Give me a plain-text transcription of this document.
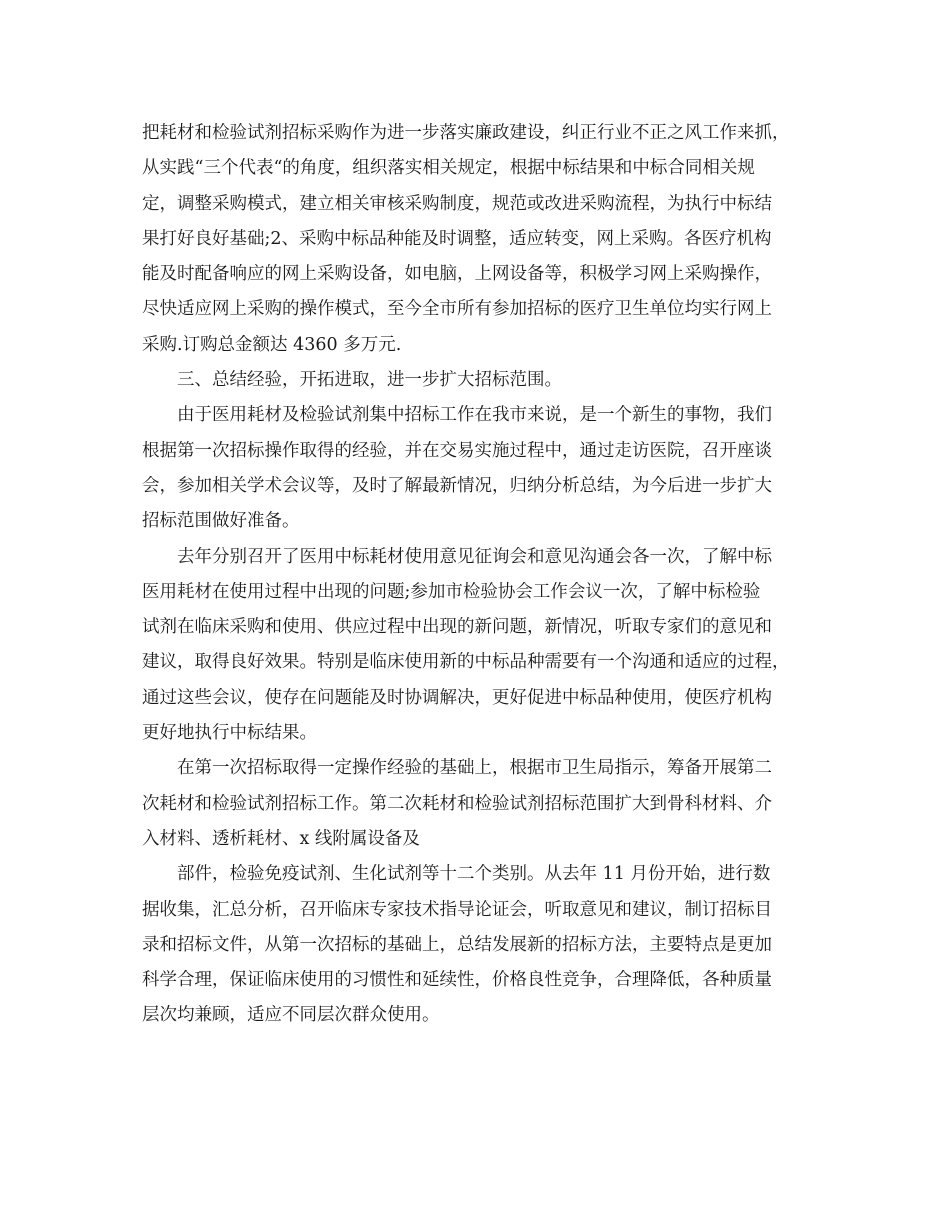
把耗材和检验试剂招标采购作为进一步落实廉政建设，纠正行业不正之风工作来抓，
从实践“三个代表“的角度，组织落实相关规定，根据中标结果和中标合同相关规
定，调整采购模式，建立相关审核采购制度，规范或改进采购流程，为执行中标结
果打好良好基础;2、采购中标品种能及时调整，适应转变，网上采购。各医疗机构
能及时配备响应的网上采购设备，如电脑，上网设备等，积极学习网上采购操作，
尽快适应网上采购的操作模式，至今全市所有参加招标的医疗卫生单位均实行网上
采购.订购总金额达 4360 多万元.
三、总结经验，开拓进取，进一步扩大招标范围。
由于医用耗材及检验试剂集中招标工作在我市来说，是一个新生的事物，我们
根据第一次招标操作取得的经验，并在交易实施过程中，通过走访医院，召开座谈
会，参加相关学术会议等，及时了解最新情况，归纳分析总结，为今后进一步扩大
招标范围做好准备。
去年分别召开了医用中标耗材使用意见征询会和意见沟通会各一次，了解中标
医用耗材在使用过程中出现的问题;参加市检验协会工作会议一次，了解中标检验
试剂在临床采购和使用、供应过程中出现的新问题，新情况，听取专家们的意见和
建议，取得良好效果。特别是临床使用新的中标品种需要有一个沟通和适应的过程，
通过这些会议，使存在问题能及时协调解决，更好促进中标品种使用，使医疗机构
更好地执行中标结果。
在第一次招标取得一定操作经验的基础上，根据市卫生局指示，筹备开展第二
次耗材和检验试剂招标工作。第二次耗材和检验试剂招标范围扩大到骨科材料、介
入材料、透析耗材、x 线附属设备及
部件，检验免疫试剂、生化试剂等十二个类别。从去年 11 月份开始，进行数
据收集，汇总分析，召开临床专家技术指导论证会，听取意见和建议，制订招标目
录和招标文件，从第一次招标的基础上，总结发展新的招标方法，主要特点是更加
科学合理，保证临床使用的习惯性和延续性，价格良性竞争，合理降低，各种质量
层次均兼顾，适应不同层次群众使用。
